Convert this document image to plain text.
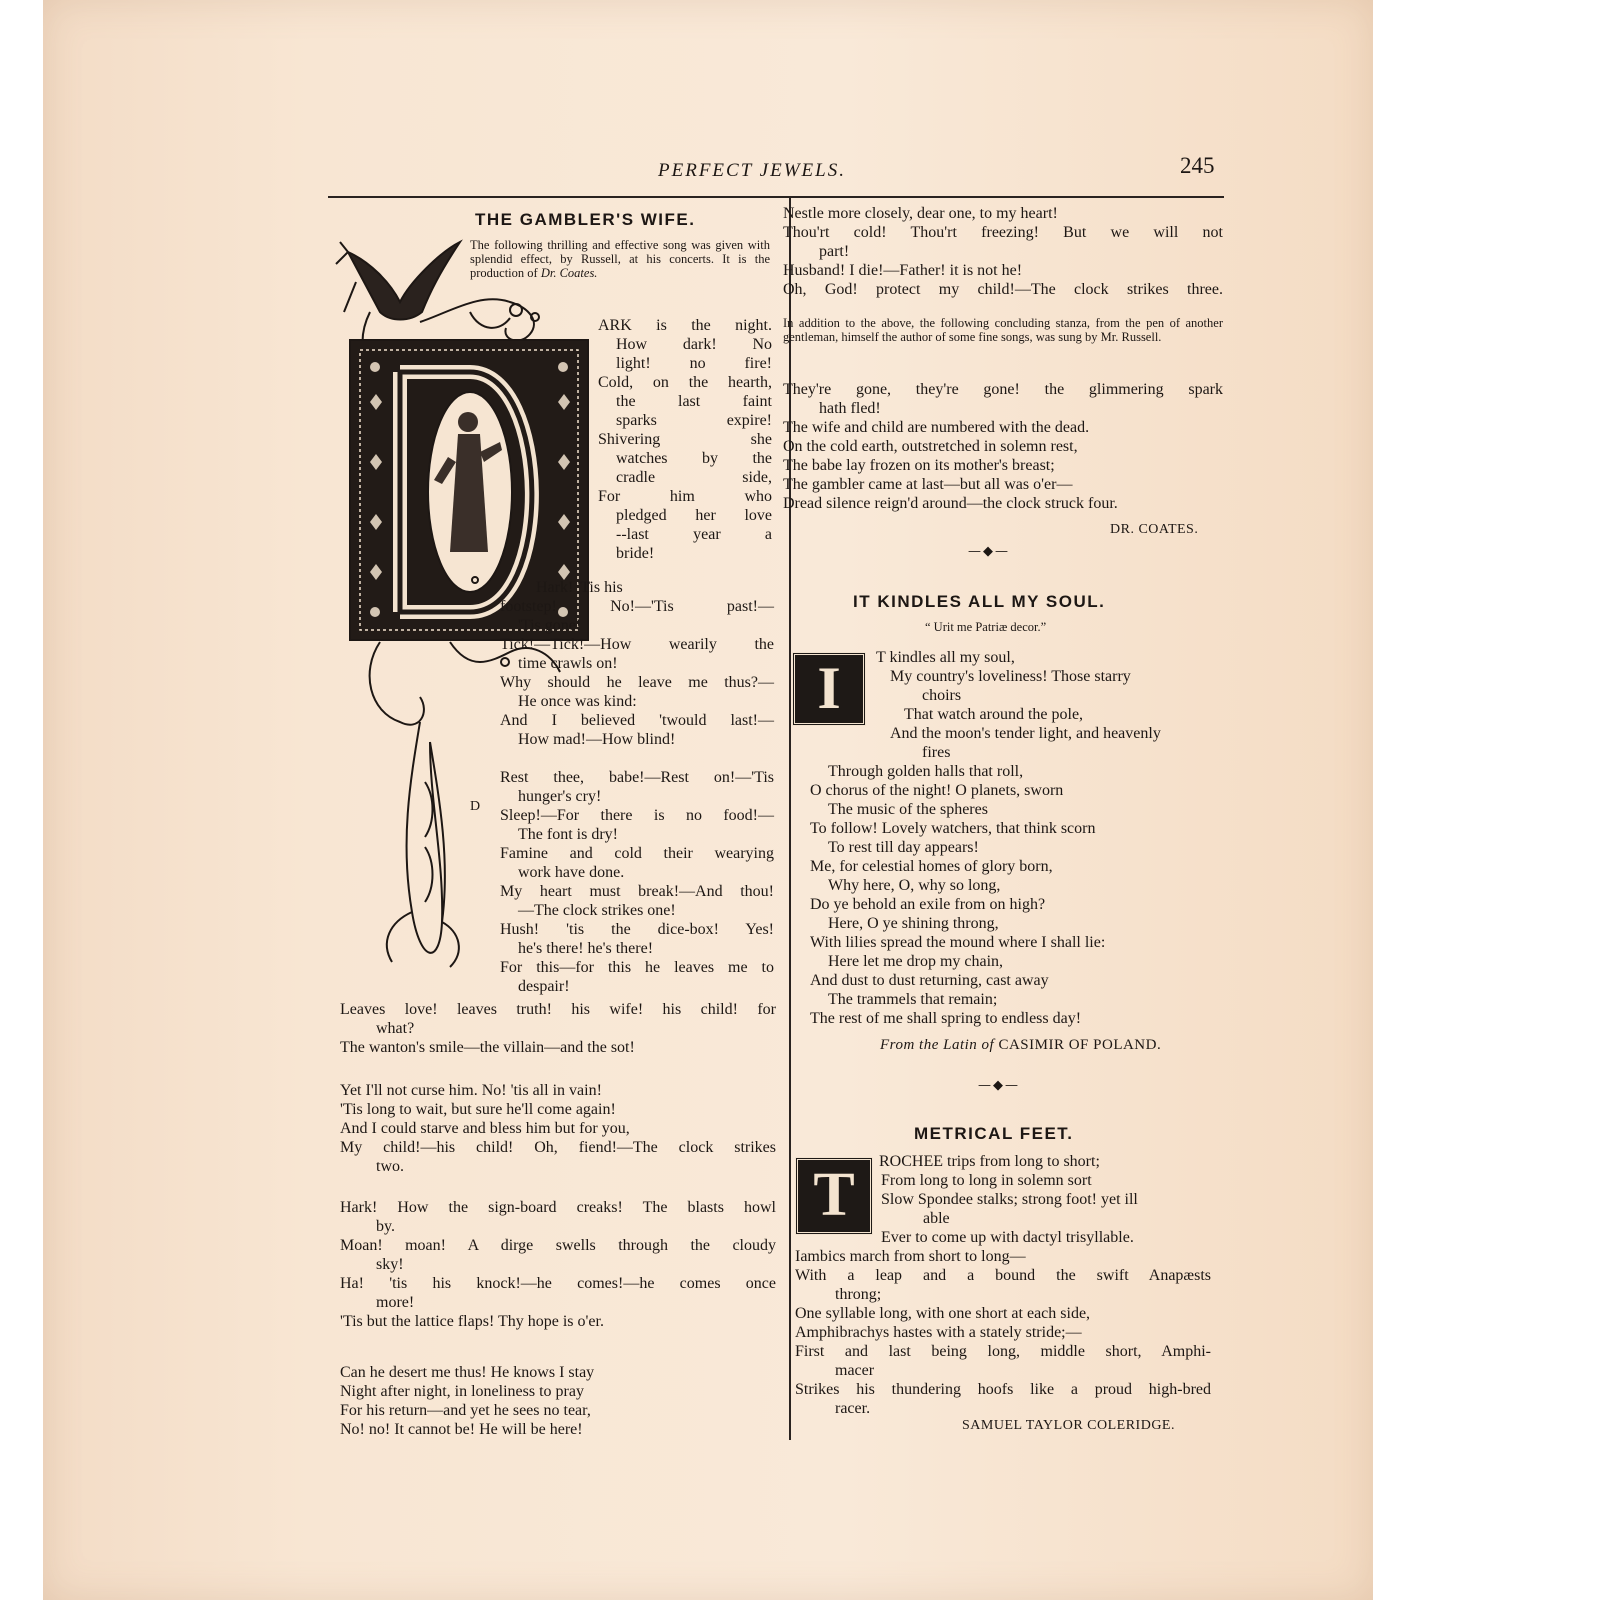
PERFECT JEWELS.	245
THE GAMBLER'S WIFE.
The following thrilling and effective song was given with splendid effect, by Russell, at his concerts. It is the production of Dr. Coates.
D
ARK is the night.
How dark! No
light! no fire!
Cold, on the hearth,
the last faint
sparks expire!
Shivering she
watches by the
cradle side,
For him who
pledged her love
--last year a
bride!
Hark! 'Tis his
footstep! No!—'Tis past!—
'Tis gone!
Tick!—Tick!—How wearily the
time crawls on!
Why should he leave me thus?—
He once was kind:
And I believed 'twould last!—
How mad!—How blind!
Rest thee, babe!—Rest on!—'Tis
hunger's cry!
Sleep!—For there is no food!—
The font is dry!
Famine and cold their wearying
work have done.
My heart must break!—And thou!
—The clock strikes one!
Hush! 'tis the dice-box! Yes!
he's there! he's there!
For this—for this he leaves me to
despair!
Leaves love! leaves truth! his wife! his child! for
what?
The wanton's smile—the villain—and the sot!
Yet I'll not curse him. No! 'tis all in vain!
'Tis long to wait, but sure he'll come again!
And I could starve and bless him but for you,
My child!—his child! Oh, fiend!—The clock strikes
two.
Hark! How the sign-board creaks! The blasts howl
by.
Moan! moan! A dirge swells through the cloudy
sky!
Ha! 'tis his knock!—he comes!—he comes once
more!
'Tis but the lattice flaps! Thy hope is o'er.
Can he desert me thus! He knows I stay
Night after night, in loneliness to pray
For his return—and yet he sees no tear,
No! no! It cannot be! He will be here!
Nestle more closely, dear one, to my heart!
Thou'rt cold! Thou'rt freezing! But we will not
part!
Husband! I die!—Father! it is not he!
Oh, God! protect my child!—The clock strikes three.
In addition to the above, the following concluding stanza, from the pen of another gentleman, himself the author of some fine songs, was sung by Mr. Russell.
They're gone, they're gone! the glimmering spark
hath fled!
The wife and child are numbered with the dead.
On the cold earth, outstretched in solemn rest,
The babe lay frozen on its mother's breast;
The gambler came at last—but all was o'er—
Dread silence reign'd around—the clock struck four.
DR. COATES.
—◆—
IT KINDLES ALL MY SOUL.
“ Urit me Patriæ decor.”
I	T kindles all my soul,
My country's loveliness! Those starry
choirs
That watch around the pole,
And the moon's tender light, and heavenly
fires
Through golden halls that roll,
O chorus of the night! O planets, sworn
The music of the spheres
To follow! Lovely watchers, that think scorn
To rest till day appears!
Me, for celestial homes of glory born,
Why here, O, why so long,
Do ye behold an exile from on high?
Here, O ye shining throng,
With lilies spread the mound where I shall lie:
Here let me drop my chain,
And dust to dust returning, cast away
The trammels that remain;
The rest of me shall spring to endless day!
From the Latin of CASIMIR OF POLAND.
—◆—
METRICAL FEET.
T	ROCHEE trips from long to short;
From long to long in solemn sort
Slow Spondee stalks; strong foot! yet ill
able
Ever to come up with dactyl trisyllable.
Iambics march from short to long—
With a leap and a bound the swift Anapæsts
throng;
One syllable long, with one short at each side,
Amphibrachys hastes with a stately stride;—
First and last being long, middle short, Amphi-
macer
Strikes his thundering hoofs like a proud high-bred
racer.
SAMUEL TAYLOR COLERIDGE.
